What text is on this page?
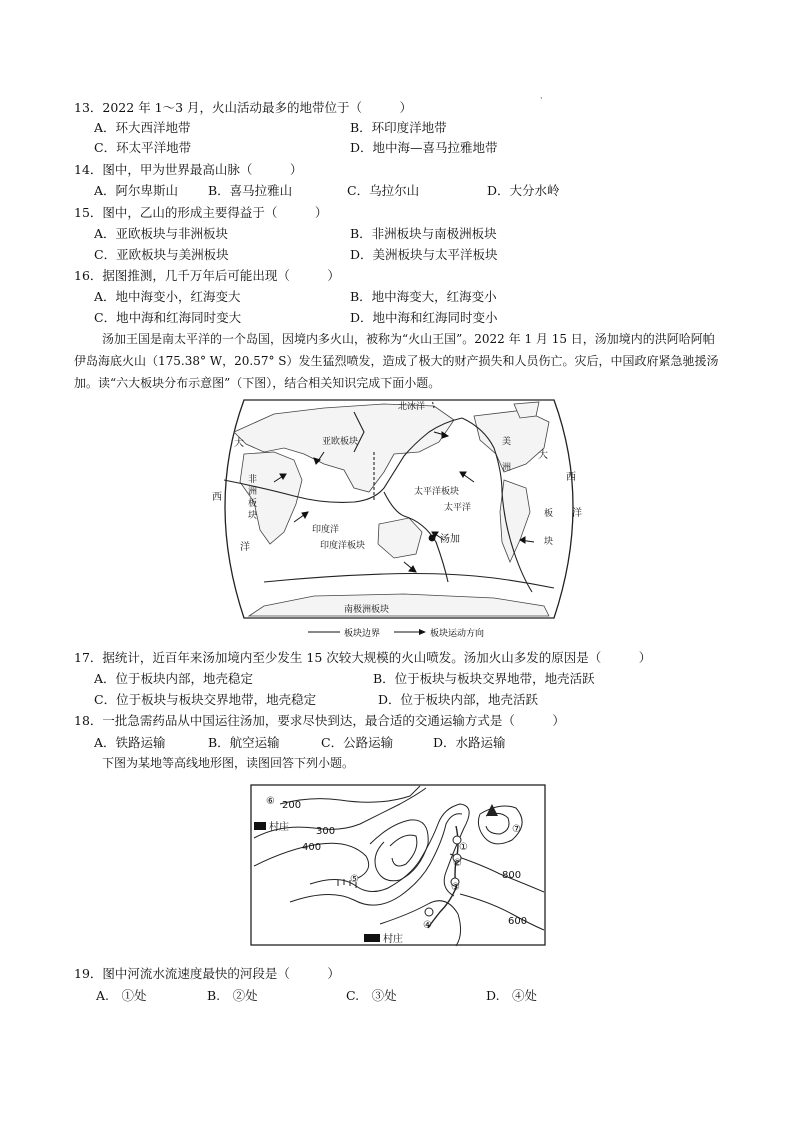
·
13．2022 年 1～3 月，火山活动最多的地带位于（　　　）
A．环大西洋地带	B．环印度洋地带
C．环太平洋地带	D．地中海—喜马拉雅地带
14．图中，甲为世界最高山脉（　　　）
A．阿尔卑斯山 B．喜马拉雅山	C．乌拉尔山	D．大分水岭
15．图中，乙山的形成主要得益于（　　　）
A．亚欧板块与非洲板块	B．非洲板块与南极洲板块
C．亚欧板块与美洲板块	D．美洲板块与太平洋板块
16．据图推测，几千万年后可能出现（　　　）
A．地中海变小，红海变大	B．地中海变大，红海变小
C．地中海和红海同时变大	D．地中海和红海同时变小
汤加王国是南太平洋的一个岛国，因境内多火山，被称为“火山王国”。2022 年 1 月 15 日，汤加境内的洪阿哈阿帕伊岛海底火山（175.38° W，20.57° S）发生猛烈喷发，造成了极大的财产损失和人员伤亡。灾后，中国政府紧急驰援汤加。读“六大板块分布示意图”（下图），结合相关知识完成下面小题。
北冰洋
亚欧板块
大
西
洋
非
洲
板
块
美
洲
板
块
大
西
洋
太平洋板块
太平洋
印度洋
印度洋板块
汤加
南极洲板块
板块边界	板块运动方向
17．据统计，近百年来汤加境内至少发生 15 次较大规模的火山喷发。汤加火山多发的原因是（　　　）
A．位于板块内部，地壳稳定	B．位于板块与板块交界地带，地壳活跃
C．位于板块与板块交界地带，地壳稳定	D．位于板块内部，地壳活跃
18．一批急需药品从中国运往汤加，要求尽快到达，最合适的交通运输方式是（　　　）
A．铁路运输	B．航空运输	C．公路运输	D．水路运输
下图为某地等高线地形图，读图回答下列小题。
200
300
400
800
600
村庄
村庄
⑥
⑦
①
②
③
④
⑤
19．图中河流水流速度最快的河段是（　　　）
A.　①处	B.　②处	C.　③处	D.　④处
